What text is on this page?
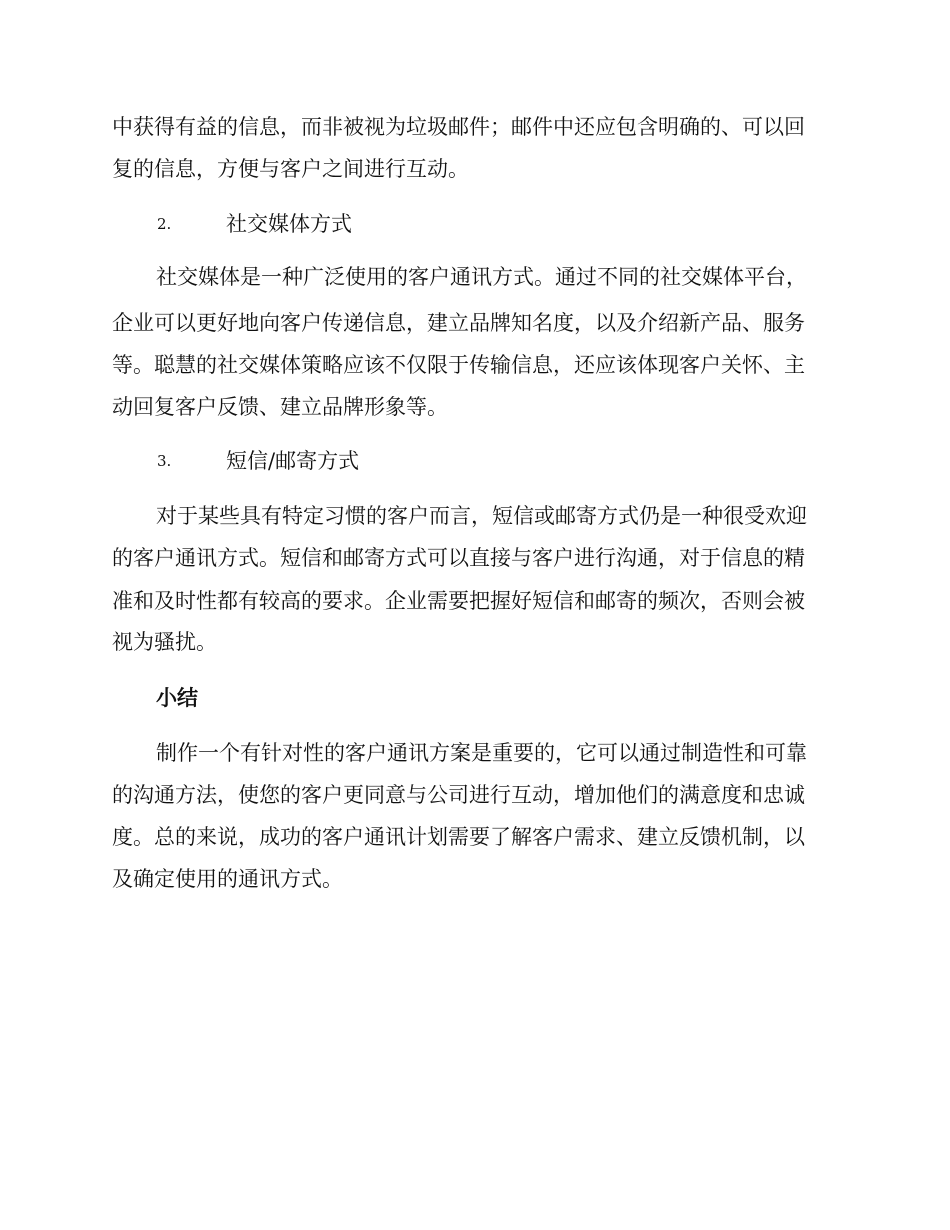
中获得有益的信息，而非被视为垃圾邮件；邮件中还应包含明确的、可以回
复的信息，方便与客户之间进行互动。
2.	社交媒体方式
社交媒体是一种广泛使用的客户通讯方式。通过不同的社交媒体平台，
企业可以更好地向客户传递信息，建立品牌知名度，以及介绍新产品、服务
等。聪慧的社交媒体策略应该不仅限于传输信息，还应该体现客户关怀、主
动回复客户反馈、建立品牌形象等。
3.	短信/邮寄方式
对于某些具有特定习惯的客户而言，短信或邮寄方式仍是一种很受欢迎
的客户通讯方式。短信和邮寄方式可以直接与客户进行沟通，对于信息的精
准和及时性都有较高的要求。企业需要把握好短信和邮寄的频次，否则会被
视为骚扰。
小结
制作一个有针对性的客户通讯方案是重要的，它可以通过制造性和可靠
的沟通方法，使您的客户更同意与公司进行互动，增加他们的满意度和忠诚
度。总的来说，成功的客户通讯计划需要了解客户需求、建立反馈机制，以
及确定使用的通讯方式。
